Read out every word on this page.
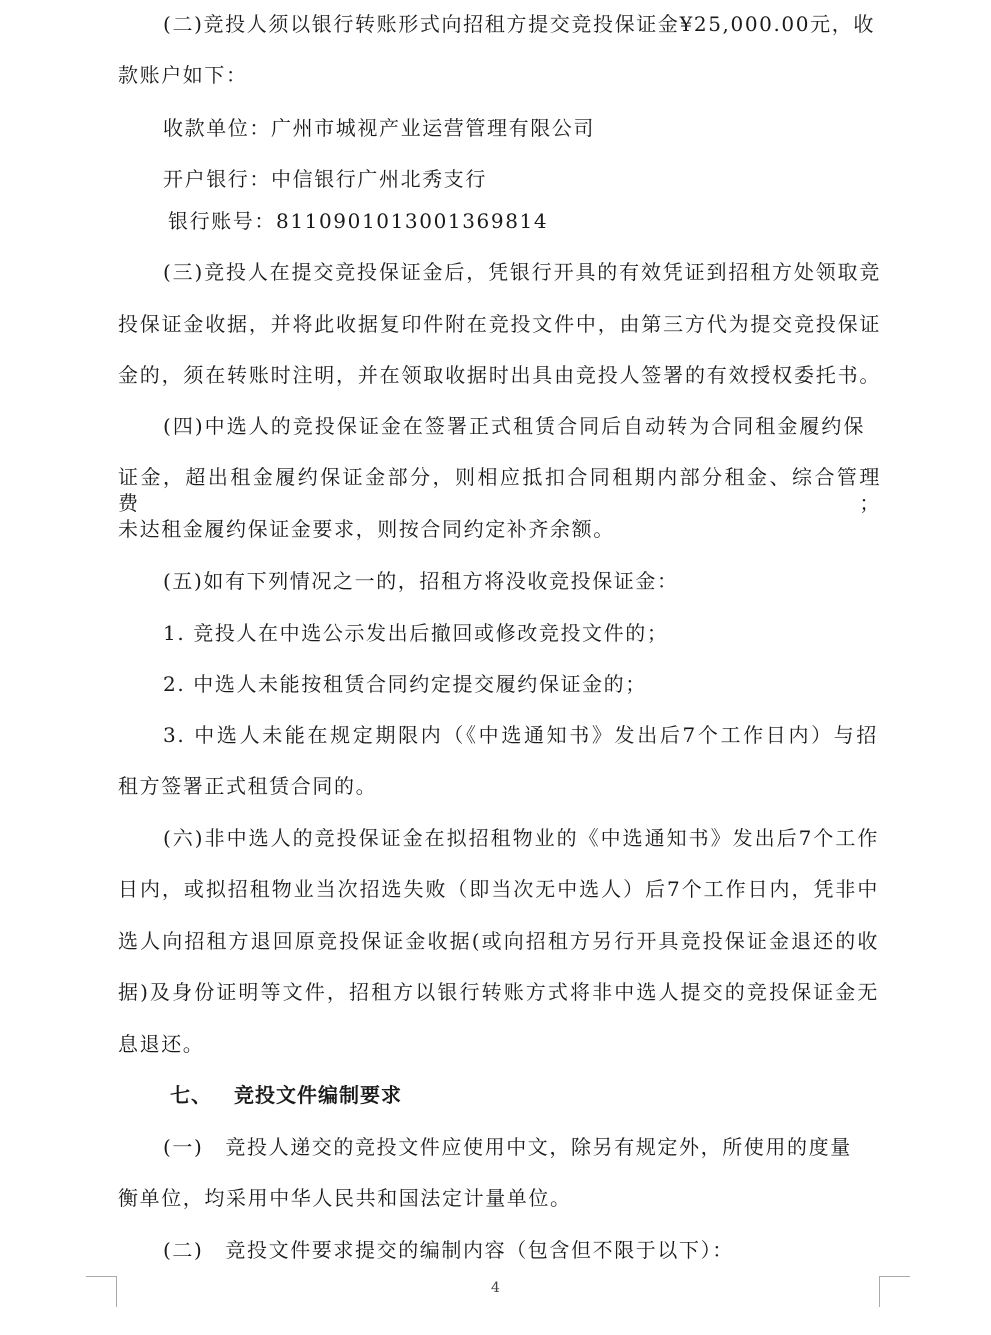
(二)竞投人须以银行转账形式向招租方提交竞投保证金¥25,000.00元，收
款账户如下：
收款单位：广州市城视产业运营管理有限公司
开户银行：中信银行广州北秀支行
银行账号：8110901013001369814
(三)竞投人在提交竞投保证金后，凭银行开具的有效凭证到招租方处领取竞
投保证金收据，并将此收据复印件附在竞投文件中，由第三方代为提交竞投保证
金的，须在转账时注明，并在领取收据时出具由竞投人签署的有效授权委托书。
(四)中选人的竞投保证金在签署正式租赁合同后自动转为合同租金履约保
证金，超出租金履约保证金部分，则相应抵扣合同租期内部分租金、综合管理费；
未达租金履约保证金要求，则按合同约定补齐余额。
(五)如有下列情况之一的，招租方将没收竞投保证金：
1. 竞投人在中选公示发出后撤回或修改竞投文件的；
2. 中选人未能按租赁合同约定提交履约保证金的；
3. 中选人未能在规定期限内（《中选通知书》发出后7个工作日内）与招
租方签署正式租赁合同的。
(六)非中选人的竞投保证金在拟招租物业的《中选通知书》发出后7个工作
日内，或拟招租物业当次招选失败（即当次无中选人）后7个工作日内，凭非中
选人向招租方退回原竞投保证金收据(或向招租方另行开具竞投保证金退还的收
据)及身份证明等文件，招租方以银行转账方式将非中选人提交的竞投保证金无
息退还。
七、 竞投文件编制要求
(一) 竞投人递交的竞投文件应使用中文，除另有规定外，所使用的度量
衡单位，均采用中华人民共和国法定计量单位。
(二) 竞投文件要求提交的编制内容（包含但不限于以下）：
4
